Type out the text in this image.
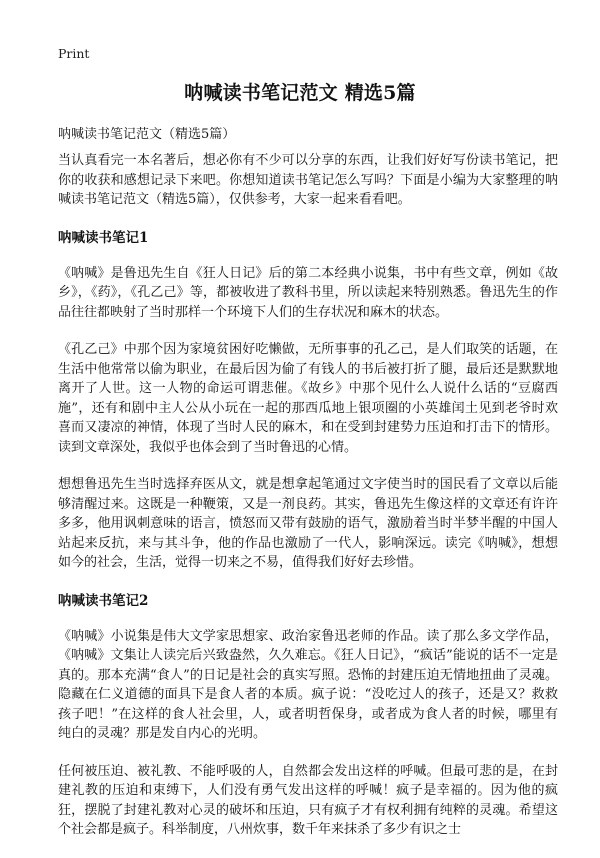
Print
呐喊读书笔记范文 精选5篇
呐喊读书笔记范文（精选5篇）

当认真看完一本名著后，想必你有不少可以分享的东西，让我们好好写份读书笔记，把你的收获和感想记录下来吧。你想知道读书笔记怎么写吗？下面是小编为大家整理的呐喊读书笔记范文（精选5篇），仅供参考，大家一起来看看吧。

呐喊读书笔记1

《呐喊》是鲁迅先生自《狂人日记》后的第二本经典小说集，书中有些文章，例如《故乡》，《药》，《孔乙己》等，都被收进了教科书里，所以读起来特别熟悉。鲁迅先生的作品往往都映射了当时那样一个环境下人们的生存状况和麻木的状态。

《孔乙己》中那个因为家境贫困好吃懒做，无所事事的孔乙己，是人们取笑的话题，在生活中他常常以偷为职业，在最后因为偷了有钱人的书后被打折了腿，最后还是默默地离开了人世。这一人物的命运可谓悲催。《故乡》中那个见什么人说什么话的“豆腐西施”，还有和剧中主人公从小玩在一起的那西瓜地上银项圈的小英雄闰土见到老爷时欢喜而又凄凉的神情，体现了当时人民的麻木，和在受到封建势力压迫和打击下的情形。读到文章深处，我似乎也体会到了当时鲁迅的心情。

想想鲁迅先生当时选择弃医从文，就是想拿起笔通过文字使当时的国民看了文章以后能够清醒过来。这既是一种鞭策，又是一剂良药。其实，鲁迅先生像这样的文章还有许许多多，他用讽刺意味的语言，愤怒而又带有鼓励的语气，激励着当时半梦半醒的中国人站起来反抗，来与其斗争，他的作品也激励了一代人，影响深远。读完《呐喊》，想想如今的社会，生活，觉得一切来之不易，值得我们好好去珍惜。

呐喊读书笔记2

《呐喊》小说集是伟大文学家思想家、政治家鲁迅老师的作品。读了那么多文学作品，《呐喊》文集让人读完后兴致盎然，久久难忘。《狂人日记》，“疯话”能说的话不一定是真的。那本充满“食人”的日记是社会的真实写照。恐怖的封建压迫无情地扭曲了灵魂。隐藏在仁义道德的面具下是食人者的本质。疯子说：“没吃过人的孩子，还是又？救救孩子吧！”在这样的食人社会里，人，或者明哲保身，或者成为食人者的时候，哪里有纯白的灵魂？那是发自内心的光明。

任何被压迫、被礼教、不能呼吸的人，自然都会发出这样的呼喊。但最可悲的是，在封建礼教的压迫和束缚下，人们没有勇气发出这样的呼喊！疯子是幸福的。因为他的疯狂，摆脱了封建礼教对心灵的破坏和压迫，只有疯子才有权利拥有纯粹的灵魂。希望这个社会都是疯子。科举制度，八州炊事，数千年来抹杀了多少有识之士
